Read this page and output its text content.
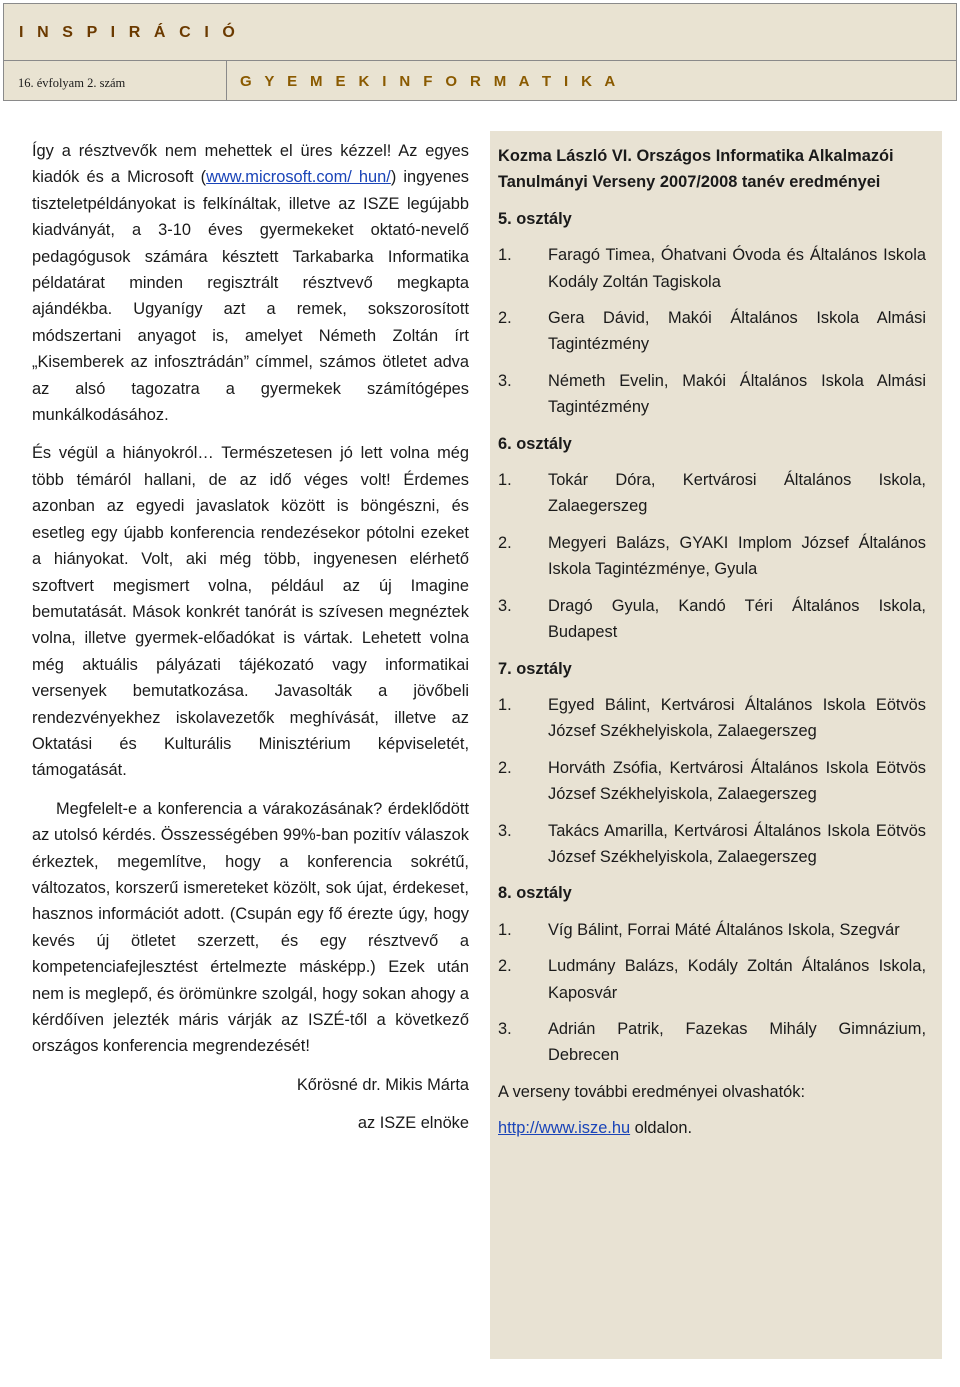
I N S P I R Á C I Ó
16. évfolyam 2. szám	G Y E M E K I N F O R M A T I K A

Így a résztvevők nem mehettek el üres kézzel! Az egyes kiadók és a Microsoft (www.microsoft.com/ hun/) ingyenes tiszteletpéldányokat is felkínáltak, illetve az ISZE legújabb kiadványát, a 3-10 éves gyermekeket oktató-nevelő pedagógusok számára késztett Tarkabarka Informatika példatárat minden regisztrált résztvevő megkapta ajándékba. Ugyanígy azt a remek, sokszorosított módszertani anyagot is, amelyet Németh Zoltán írt „Kisemberek az infosztrádán” címmel, számos ötletet adva az alsó tagozatra a gyermekek számítógépes munkálkodásához.

És végül a hiányokról… Természetesen jó lett volna még több témáról hallani, de az idő véges volt! Érdemes azonban az egyedi javaslatok között is böngészni, és esetleg egy újabb konferencia rendezésekor pótolni ezeket a hiányokat. Volt, aki még több, ingyenesen elérhető szoftvert megismert volna, például az új Imagine bemutatását. Mások konkrét tanórát is szívesen megnéztek volna, illetve gyermek-előadókat is vártak. Lehetett volna még aktuális pályázati tájékozató vagy informatikai versenyek bemutatkozása. Javasolták a jövőbeli rendezvényekhez iskolavezetők meghívását, illetve az Oktatási és Kulturális Minisztérium képviseletét, támogatását.

Megfelelt-e a konferencia a várakozásának? érdeklődött az utolsó kérdés. Összességében 99%-ban pozitív válaszok érkeztek, megemlítve, hogy a konferencia sokrétű, változatos, korszerű ismereteket közölt, sok újat, érdekeset, hasznos információt adott. (Csupán egy fő érezte úgy, hogy kevés új ötletet szerzett, és egy résztvevő a kompetenciafejlesztést értelmezte másképp.) Ezek után nem is meglepő, és örömünkre szolgál, hogy sokan ahogy a kérdőíven jelezték máris várják az ISZÉ-től a következő országos konferencia megrendezését!

Kőrösné dr. Mikis Márta

az ISZE elnöke

Kozma László VI. Országos Informatika Alkalmazói Tanulmányi Verseny 2007/2008 tanév eredményei
5. osztály
1.	Faragó Timea, Óhatvani Óvoda és Általános Iskola Kodály Zoltán Tagiskola
2.	Gera Dávid, Makói Általános Iskola Almási Tagintézmény
3.	Németh Evelin, Makói Általános Iskola Almási Tagintézmény
6. osztály
1.	Tokár Dóra, Kertvárosi Általános Iskola, Zalaegerszeg
2.	Megyeri Balázs, GYAKI Implom József Általános Iskola Tagintézménye, Gyula
3.	Dragó Gyula, Kandó Téri Általános Iskola, Budapest
7. osztály
1.	Egyed Bálint, Kertvárosi Általános Iskola Eötvös József Székhelyiskola, Zalaegerszeg
2.	Horváth Zsófia, Kertvárosi Általános Iskola Eötvös József Székhelyiskola, Zalaegerszeg
3.	Takács Amarilla, Kertvárosi Általános Iskola Eötvös József Székhelyiskola, Zalaegerszeg
8. osztály
1.	Víg Bálint, Forrai Máté Általános Iskola, Szegvár
2.	Ludmány Balázs, Kodály Zoltán Általános Iskola, Kaposvár
3.	Adrián Patrik, Fazekas Mihály Gimnázium, Debrecen
A verseny további eredményei olvashatók:
http://www.isze.hu oldalon.
